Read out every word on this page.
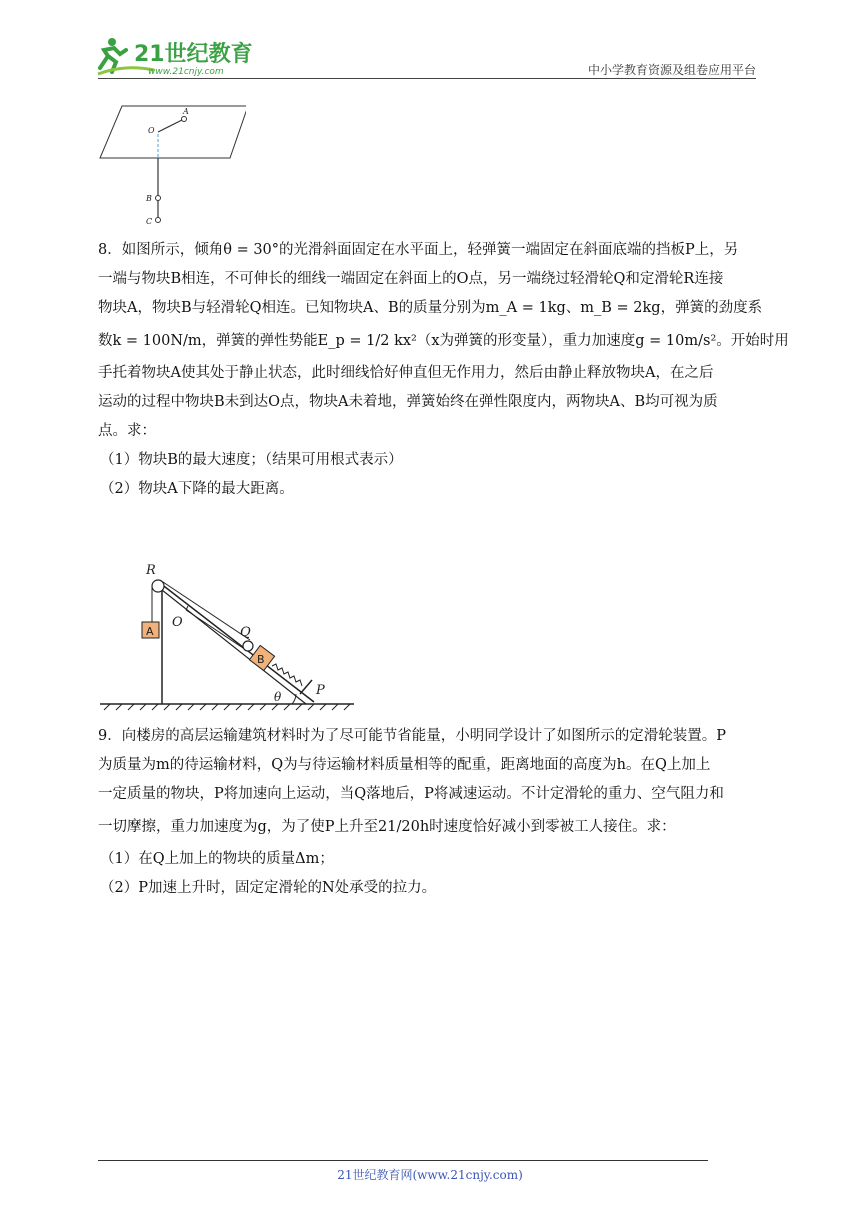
21世纪教育
www.21cnjy.com	中小学教育资源及组卷应用平台
O
A
B
C
8．如图所示，倾角θ = 30°的光滑斜面固定在水平面上，轻弹簧一端固定在斜面底端的挡板P上，另
一端与物块B相连，不可伸长的细线一端固定在斜面上的O点，另一端绕过轻滑轮Q和定滑轮R连接
物块A，物块B与轻滑轮Q相连。已知物块A、B的质量分别为m_A = 1kg、m_B = 2kg，弹簧的劲度系
数k = 100N/m，弹簧的弹性势能E_p = 1/2 kx²（x为弹簧的形变量），重力加速度g = 10m/s²。开始时用
手托着物块A使其处于静止状态，此时细线恰好伸直但无作用力，然后由静止释放物块A，在之后
运动的过程中物块B未到达O点，物块A未着地，弹簧始终在弹性限度内，两物块A、B均可视为质
点。求：
（1）物块B的最大速度；（结果可用根式表示）
（2）物块A下降的最大距离。
A
B
R
O
Q
P
θ
9．向楼房的高层运输建筑材料时为了尽可能节省能量，小明同学设计了如图所示的定滑轮装置。P
为质量为m的待运输材料，Q为与待运输材料质量相等的配重，距离地面的高度为h。在Q上加上
一定质量的物块，P将加速向上运动，当Q落地后，P将减速运动。不计定滑轮的重力、空气阻力和
一切摩擦，重力加速度为g，为了使P上升至21/20h时速度恰好减小到零被工人接住。求：
（1）在Q上加上的物块的质量Δm；
（2）P加速上升时，固定定滑轮的N处承受的拉力。
21世纪教育网(www.21cnjy.com)
